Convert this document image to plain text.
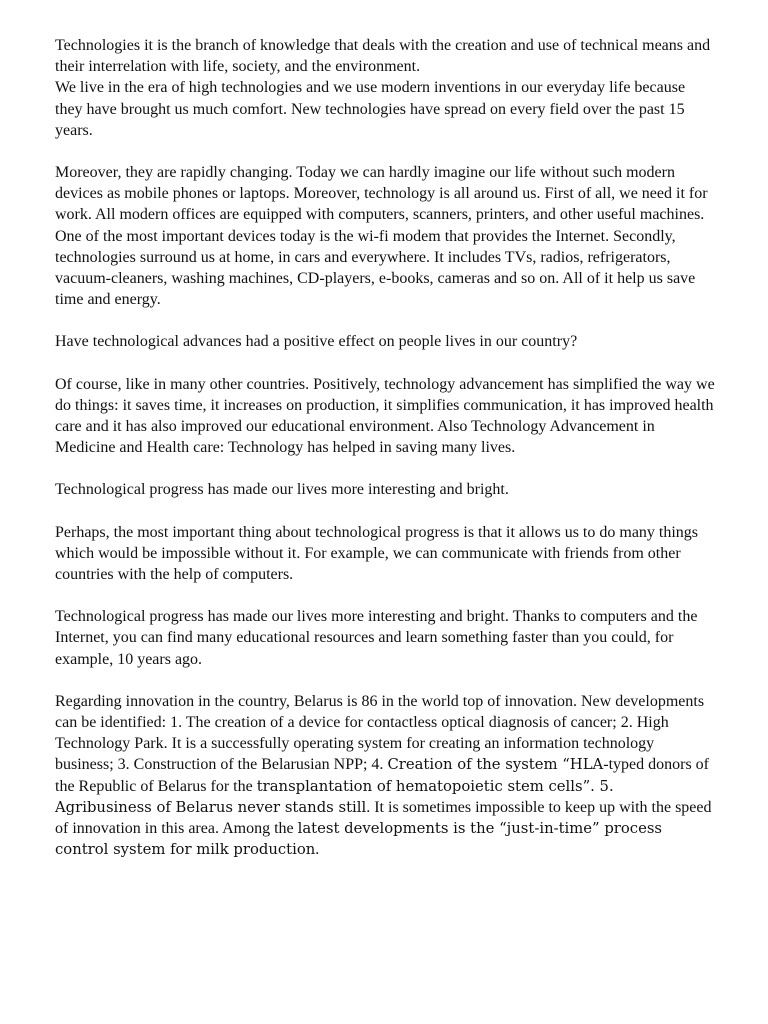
Technologies it is the branch of knowledge that deals with the creation and use of technical means and their interrelation with life, society, and the environment.
We live in the era of high technologies and we use modern inventions in our everyday life because they have brought us much comfort. New technologies have spread on every field over the past 15 years.

Moreover, they are rapidly changing. Today we can hardly imagine our life without such modern devices as mobile phones or laptops. Moreover, technology is all around us. First of all, we need it for work. All modern offices are equipped with computers, scanners, printers, and other useful machines. One of the most important devices today is the wi-fi modem that provides the Internet. Secondly, technologies surround us at home, in cars and everywhere. It includes TVs, radios, refrigerators, vacuum-cleaners, washing machines, CD-players, e-books, cameras and so on. All of it help us save time and energy.

Have technological advances had a positive effect on people lives in our country?

Of course, like in many other countries. Positively, technology advancement has simplified the way we do things: it saves time, it increases on production, it simplifies communication, it has improved health care and it has also improved our educational environment. Also Technology Advancement in Medicine and Health care: Technology has helped in saving many lives.

Technological progress has made our lives more interesting and bright.

Perhaps, the most important thing about technological progress is that it allows us to do many things which would be impossible without it. For example, we can communicate with friends from other countries with the help of computers.

Technological progress has made our lives more interesting and bright. Thanks to computers and the Internet, you can find many educational resources and learn something faster than you could, for example, 10 years ago.

Regarding innovation in the country, Belarus is 86 in the world top of innovation. New developments can be identified: 1. The creation of a device for contactless optical diagnosis of cancer; 2. High Technology Park. It is a successfully operating system for creating an information technology business; 3. Construction of the Belarusian NPP; 4. Creation of the system “HLA-typed donors of the Republic of Belarus for the transplantation of hematopoietic stem cells”. 5. Agribusiness of Belarus never stands still. It is sometimes impossible to keep up with the speed of innovation in this area. Among the latest developments is the “just-in-time” process control system for milk production.
